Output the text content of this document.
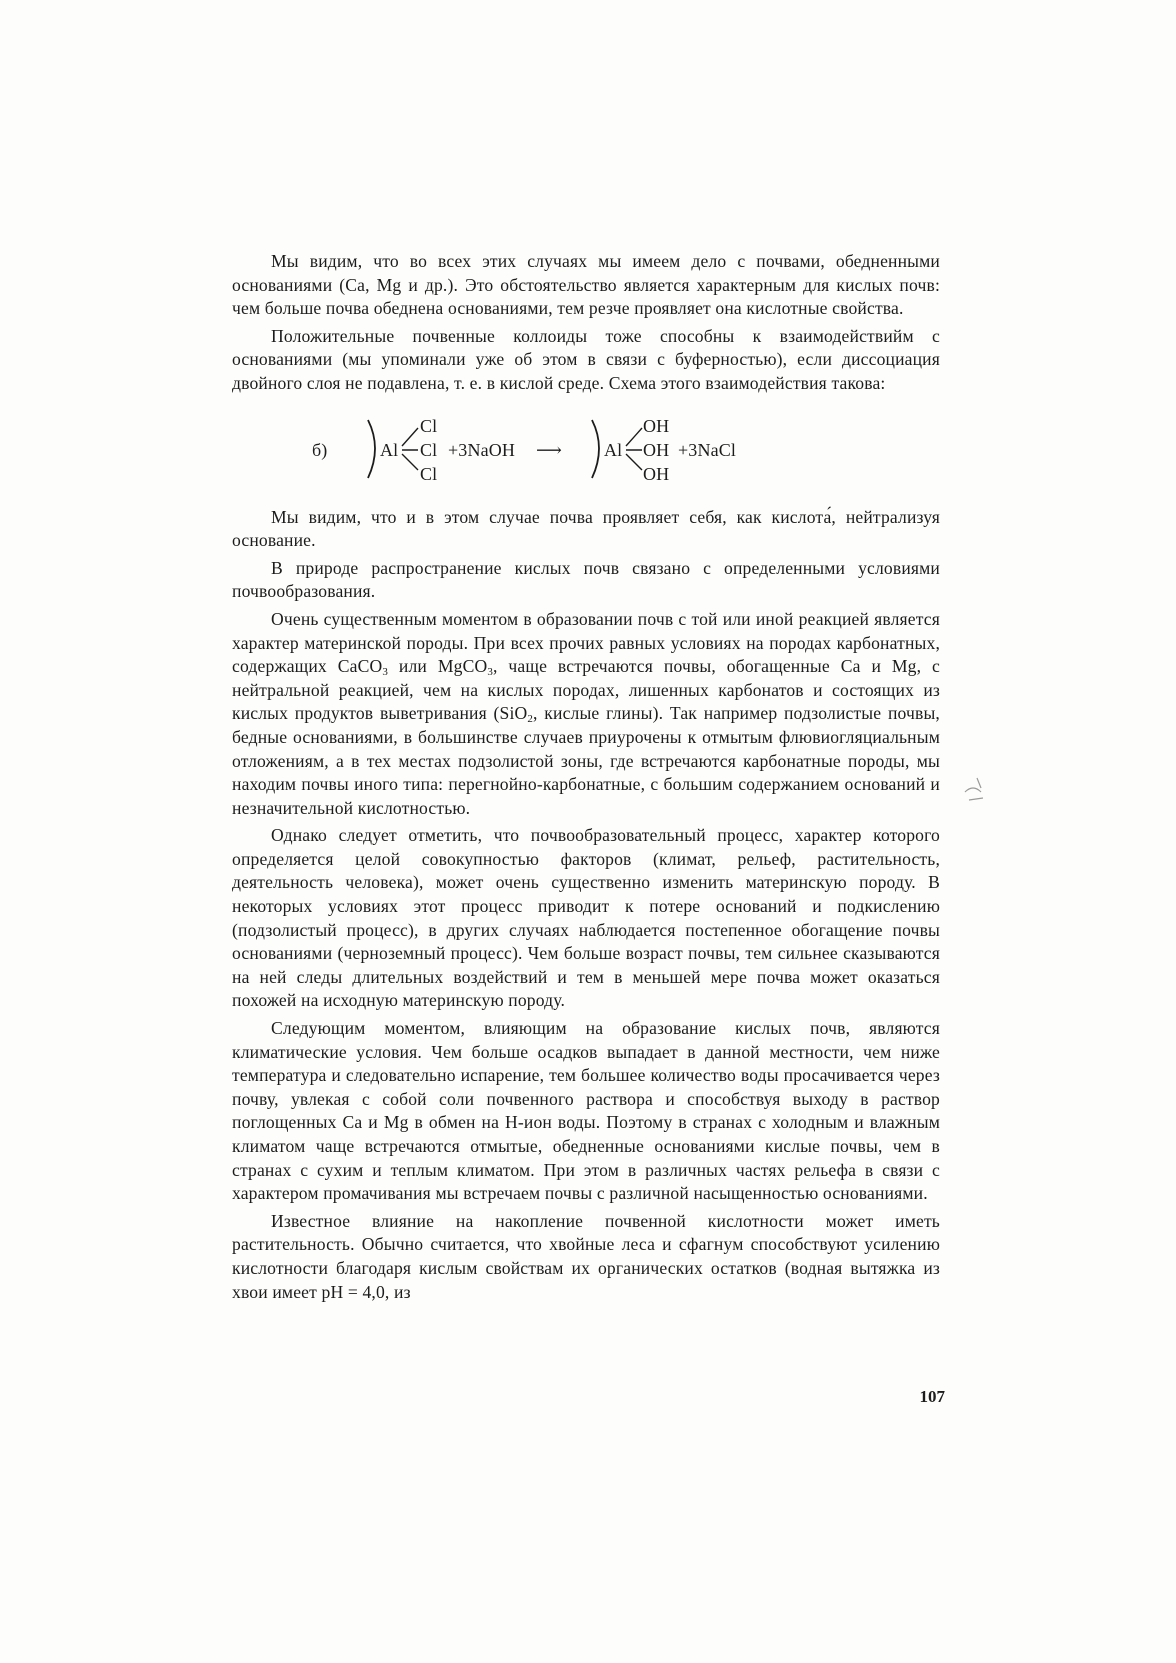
Мы видим, что во всех этих случаях мы имеем дело с почвами, обедненными основаниями (Ca, Mg и др.). Это обстоятельство является характерным для кислых почв: чем больше почва обеднена основаниями, тем резче проявляет она кислотные свойства.

Положительные почвенные коллоиды тоже способны к взаимодействийм с основаниями (мы упоминали уже об этом в связи с буферностью), если диссоциация двойного слоя не подавлена, т. е. в кислой среде. Схема этого взаимодействия такова:

б)	Al
Cl
Cl
Cl
+3NaOH ⟶ Al
OH
OH
OH
+3NaCl

Мы видим, что и в этом случае почва проявляет себя, как кислота́, нейтрализуя основание.

В природе распространение кислых почв связано с определенными условиями почвообразования.

Очень существенным моментом в образовании почв с той или иной реакцией является характер материнской породы. При всех прочих равных условиях на породах карбонатных, содержащих CaCO$_3$ или MgCO$_3$, чаще встречаются почвы, обогащенные Ca и Mg, с нейтральной реакцией, чем на кислых породах, лишенных карбонатов и состоящих из кислых продуктов выветривания (SiO$_2$, кислые глины). Так например подзолистые почвы, бедные основаниями, в большинстве случаев приурочены к отмытым флювиогляциальным отложениям, а в тех местах подзолистой зоны, где встречаются карбонатные породы, мы находим почвы иного типа: перегнойно-карбонатные, с большим содержанием оснований и незначительной кислотностью.

Однако следует отметить, что почвообразовательный процесс, характер которого определяется целой совокупностью факторов (климат, рельеф, растительность, деятельность человека), может очень существенно изменить материнскую породу. В некоторых условиях этот процесс приводит к потере оснований и подкислению (подзолистый процесс), в других случаях наблюдается постепенное обогащение почвы основаниями (черноземный процесс). Чем больше возраст почвы, тем сильнее сказываются на ней следы длительных воздействий и тем в меньшей мере почва может оказаться похожей на исходную материнскую породу.

Следующим моментом, влияющим на образование кислых почв, являются климатические условия. Чем больше осадков выпадает в данной местности, чем ниже температура и следовательно испарение, тем большее количество воды просачивается через почву, увлекая с собой соли почвенного раствора и способствуя выходу в раствор поглощенных Ca и Mg в обмен на H-ион воды. Поэтому в странах с холодным и влажным климатом чаще встречаются отмытые, обедненные основаниями кислые почвы, чем в странах с сухим и теплым климатом. При этом в различных частях рельефа в связи с характером промачивания мы встречаем почвы с различной насыщенностью основаниями.

Известное влияние на накопление почвенной кислотности может иметь растительность. Обычно считается, что хвойные леса и сфагнум способствуют усилению кислотности благодаря кислым свойствам их органических остатков (водная вытяжка из хвои имеет pH = 4,0, из

107
